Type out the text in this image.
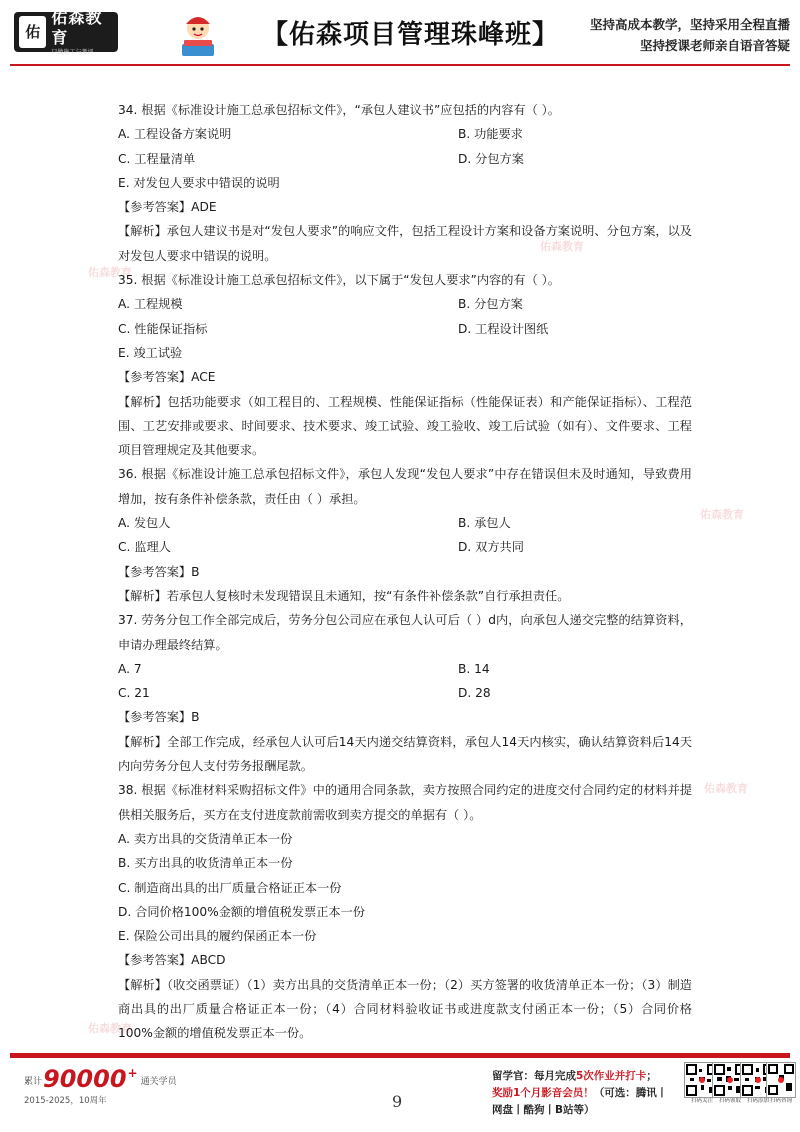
佑
佑森教育
只做施工与考评
【佑森项目管理珠峰班】 坚持高成本教学，坚持采用全程直播
坚持授课老师亲自语音答疑
佑森教育
佑森教育
佑森教育
佑森教育
佑森教育
34. 根据《标准设计施工总承包招标文件》，“承包人建议书”应包括的内容有（ ）。
A. 工程设备方案说明	B. 功能要求
C. 工程量清单	D. 分包方案
E. 对发包人要求中错误的说明
【参考答案】ADE
【解析】承包人建议书是对“发包人要求”的响应文件，包括工程设计方案和设备方案说明、分包方案，以及对发包人要求中错误的说明。
35. 根据《标准设计施工总承包招标文件》，以下属于“发包人要求”内容的有（ ）。
A. 工程规模	B. 分包方案
C. 性能保证指标	D. 工程设计图纸
E. 竣工试验
【参考答案】ACE
【解析】包括功能要求（如工程目的、工程规模、性能保证指标（性能保证表）和产能保证指标）、工程范围、工艺安排或要求、时间要求、技术要求、竣工试验、竣工验收、竣工后试验（如有）、文件要求、工程项目管理规定及其他要求。
36. 根据《标准设计施工总承包招标文件》，承包人发现“发包人要求”中存在错误但未及时通知，导致费用增加，按有条件补偿条款，责任由（ ）承担。
A. 发包人	B. 承包人
C. 监理人	D. 双方共同
【参考答案】B
【解析】若承包人复核时未发现错误且未通知，按“有条件补偿条款”自行承担责任。
37. 劳务分包工作全部完成后，劳务分包公司应在承包人认可后（ ）d内，向承包人递交完整的结算资料，申请办理最终结算。
A. 7	B. 14
C. 21	D. 28
【参考答案】B
【解析】全部工作完成，经承包人认可后14天内递交结算资料，承包人14天内核实，确认结算资料后14天内向劳务分包人支付劳务报酬尾款。
38. 根据《标准材料采购招标文件》中的通用合同条款，卖方按照合同约定的进度交付合同约定的材料并提供相关服务后，买方在支付进度款前需收到卖方提交的单据有（ ）。
A. 卖方出具的交货清单正本一份
B. 买方出具的收货清单正本一份
C. 制造商出具的出厂质量合格证正本一份
D. 合同价格100%金额的增值税发票正本一份
E. 保险公司出具的履约保函正本一份
【参考答案】ABCD
【解析】（收交函票证）（1）卖方出具的交货清单正本一份；（2）买方签署的收货清单正本一份；（3）制造商出具的出厂质量合格证正本一份；（4）合同材料验收证书或进度款支付函正本一份；（5）合同价格100%金额的增值税发票正本一份。
累计 90000 +
通关学员
2015-2025，10周年	9
留学官：每月完成5次作业并打卡；
奖励1个月影音会员！（可选：腾讯丨
网盘丨酷狗丨B站等）
扫码关注	扫码领取	扫码添加 扫码咨询
